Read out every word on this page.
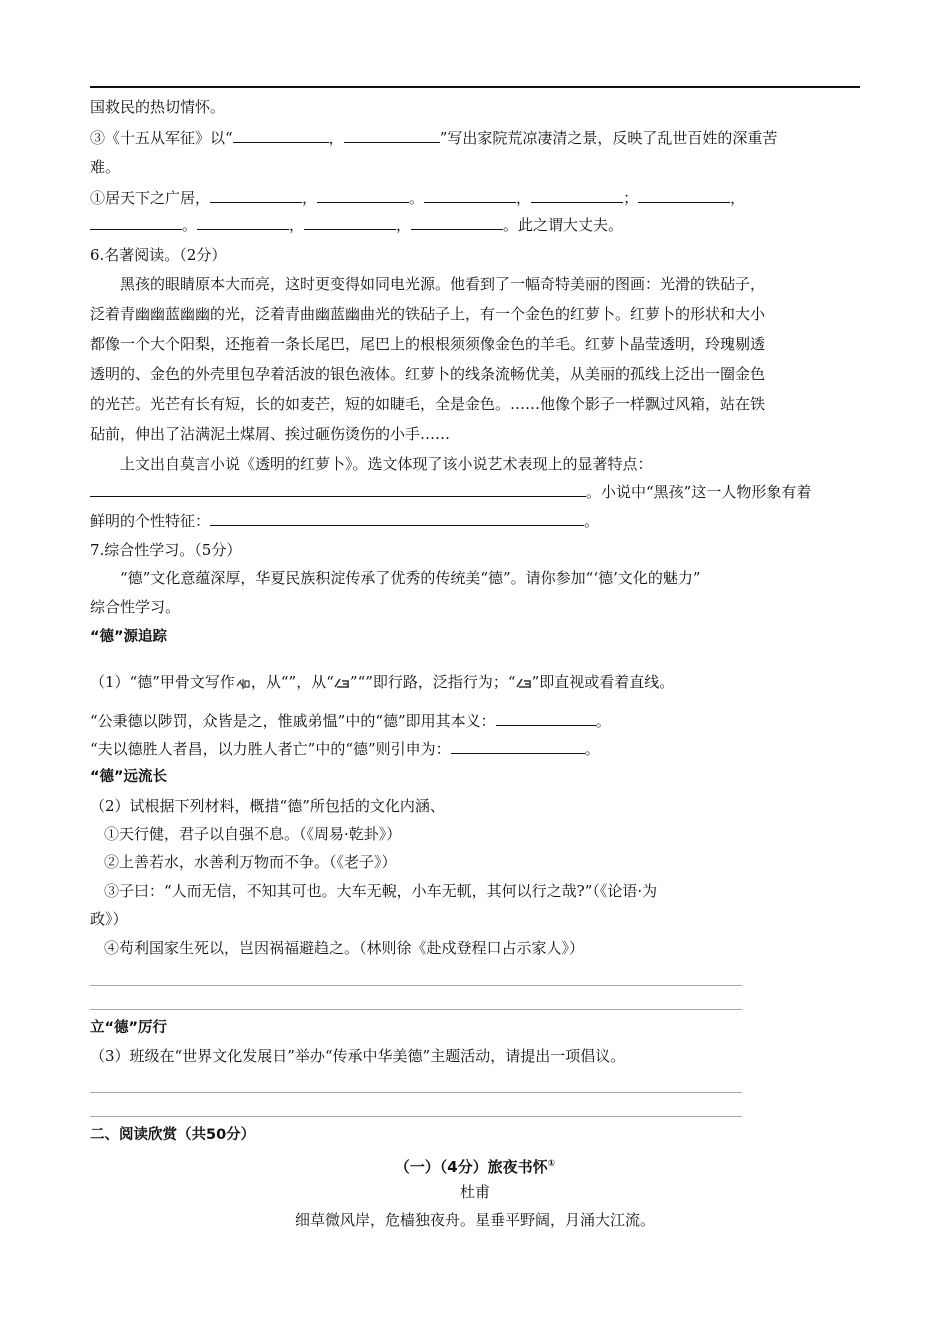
国救民的热切情怀。
③《十五从军征》以“	，	”写出家院荒凉凄清之景，反映了乱世百姓的深重苦
难。
①居天下之广居，	，	。	，	；	，
。	，	，	。此之谓大丈夫。
6.名著阅读。（2分）
黑孩的眼睛原本大而亮，这时更变得如同电光源。他看到了一幅奇特美丽的图画：光滑的铁砧子，
泛着青幽幽蓝幽幽的光，泛着青曲幽蓝幽曲光的铁砧子上，有一个金色的红萝卜。红萝卜的形状和大小
都像一个大个阳梨，还拖着一条长尾巴，尾巴上的根根须须像金色的羊毛。红萝卜晶莹透明，玲瑰剔透
透明的、金色的外壳里包孕着活波的银色液体。红萝卜的线条流畅优美，从美丽的孤线上泛出一圈金色
的光芒。光芒有长有短，长的如麦芒，短的如睫毛，全是金色。……他像个影子一样飘过风箱，站在铁
砧前，伸出了沾满泥土煤屑、挨过砸伤烫伤的小手……
上文出自莫言小说《透明的红萝卜》。选文体现了该小说艺术表现上的显著特点：
。小说中“黑孩”这一人物形象有着
鲜明的个性特征：	。
7.综合性学习。（5分）
“德”文化意蕴深厚，华夏民族积淀传承了优秀的传统美“德”。请你参加“‘德’文化的魅力”
综合性学习。
“德”源追踪
（1）“德”甲骨文写作 ，从“”，从“ ”“”即行路，泛指行为；“ ”即直视或看着直线。
“公秉德以陟罚，众皆是之，惟戚弟愠”中的“德”即用其本义：	。
“夫以德胜人者昌，以力胜人者亡”中的“德”则引申为：	。
“德”远流长
（2）试根据下列材料，概措“德”所包括的文化内涵、
①天行健，君子以自强不息。（《周易·乾卦》）
②上善若水，水善利万物而不争。（《老子》）
③子曰：“人而无信，不知其可也。大车无輗，小车无軏，其何以行之哉?”（《论语·为
政》）
④苟利国家生死以，岂因祸福避趋之。（林则徐《赴戍登程口占示家人》）
立“德”厉行
（3）班级在“世界文化发展日”举办“传承中华美德”主题活动，请提出一项倡议。
二、阅读欣赏（共50分）
（一）（4分）旅夜书怀①
杜甫
细草微风岸，危樯独夜舟。星垂平野阔，月涌大江流。
